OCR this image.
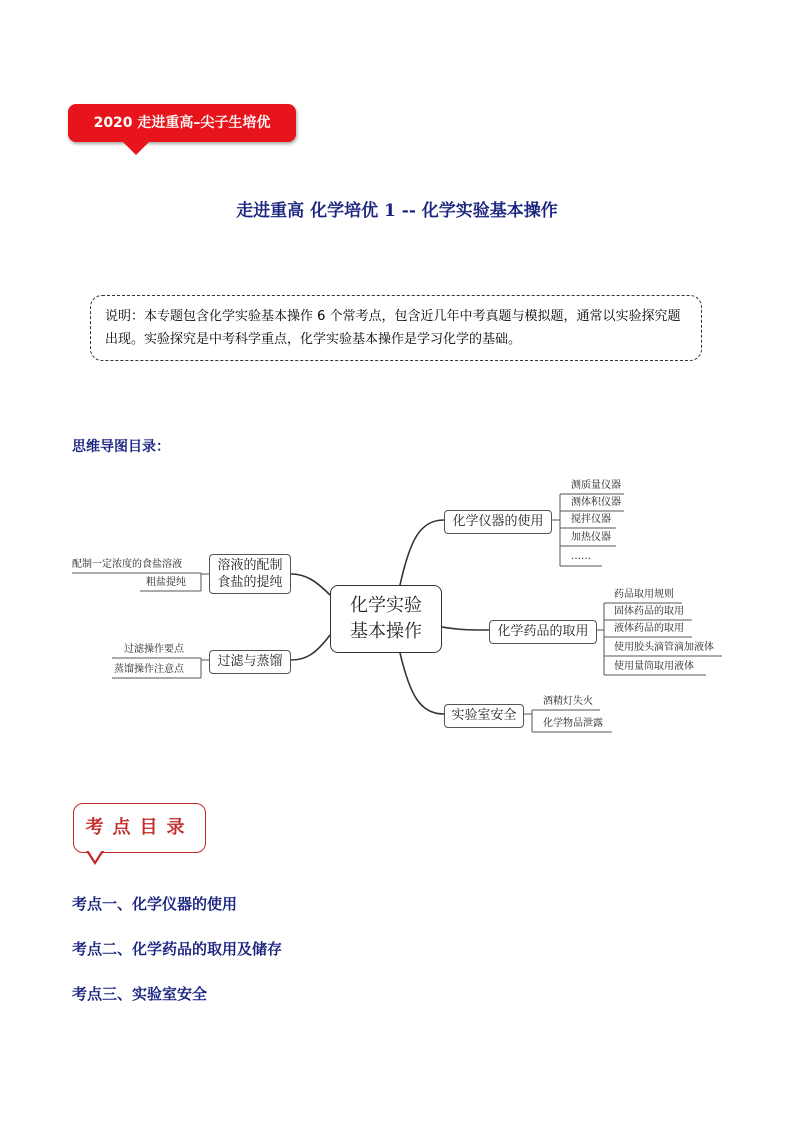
2020 走进重高–尖子生培优
走进重高 化学培优 1 -- 化学实验基本操作
说明：本专题包含化学实验基本操作 6 个常考点，包含近几年中考真题与模拟题，通常以实验探究题出现。实验探究是中考科学重点，化学实验基本操作是学习化学的基础。
思维导图目录：
化学实验
基本操作
溶液的配制
食盐的提纯
配制一定浓度的食盐溶液
粗盐提纯
过滤与蒸馏
过滤操作要点
蒸馏操作注意点
化学仪器的使用
测质量仪器
测体积仪器
搅拌仪器
加热仪器
……
化学药品的取用
药品取用规则
固体药品的取用
液体药品的取用
使用胶头滴管滴加液体
使用量筒取用液体
实验室安全
酒精灯失火
化学物品泄露
考点目录
考点一、化学仪器的使用
考点二、化学药品的取用及储存
考点三、实验室安全
